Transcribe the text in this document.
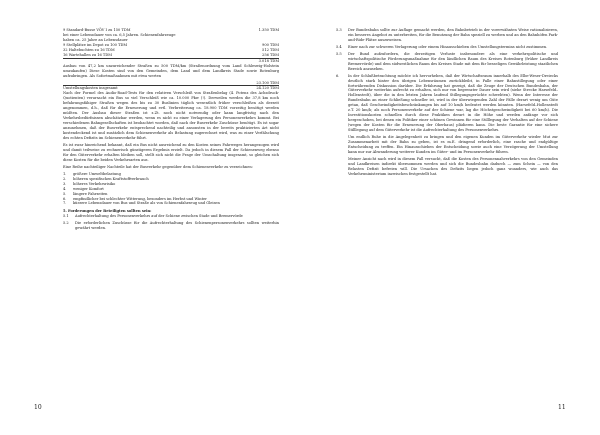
9 Standard-Busse VÖV I zu 150 TDM	1.350 TDM
bei einer Lebensdauer von ca. 6,5 Jahren. Schienenfahrzeuge
haben ca. 25 Jahre an Lebensdauer
9 Stellplätze im Depot zu 100 TDM	900 TDM
32 Haltebuchten zu 16 TDM	512 TDM
16 Wartehallen zu 16 TDM	256 TDM
3.018 TDM

Ausbau von 47,2 km unzureichender Straßen zu 500 TDM/km (Straßenordnung vom Land Schleswig-Holstein umzukaufen) Diese Kosten sind von den Gemeinden, dem Land und dem Landkreis Stade sowie Rotenburg aufzubringen. Als Sofortmaßnahmen mit etwa werten

23.100 TDM
Umstellungskosten insgesamt	24.120 TDM

Nach der Formel des Audio-Road-Tests für den relativen Verschleiß von Straßenbelag (4. Potenz des Achsdruck-Quotienten) verursacht ein Bus so viel Verschleiß wie ca. 10.000 Pkw (!). Derweilen werden die 37,8 km noch befahrungsfähiger Straßen wegen des bis zu 30 Buslinien täglich wesentlich früher verschleißen als derzeit angenommen, d.h., daß für die Erneuerung und evtl. Verbreiterung ca. 18.900 TDM vorzeitig benötigt werden müßten. Der Ausbau dieser Straßen ist z.Zt. noch nicht notwendig oder kann langfristig nach den Verkehrsbedürfnissen abschätzbar werden, wenn es nicht zu einer Verlagerung des Personenverkehrs kommt. Bei verschiedenen Bahngesellschaften ist beobachtet worden, daß nach der Busverkehr Zuschüsse benötigt. Es ist sogar anzunehmen, daß der Busverkehr entsprechend nachteilig und ansonsten in der bereits praktizierten Art nicht kostendeckend ist und zusätzlich dem Schienenverkehr als Belastung zugerechnet wird, was zu einer Verfälschung des echten Defizits im Schienenverkehr führt.

Es ist zwar hinreichend bekannt, daß ein Bus nicht ausreichend zu den Kosten seines Fahrweges herangezogen wird und damit teilweise zu rechnerisch günstigeren Ergebnis erzielt. Da jedoch in diesem Fall der Schienenweg ebenso für den Güterverkehr erhalten bleiben soll, stellt sich nicht die Frage der Umschaltung insgesamt, so gleichen sich diese Kosten für die beiden Verkehrsarten aus.

Eine Reihe nachteiliger Nachteile hat der Busverkehr gegenüber dem Schienenverkehr zu verzeichnen:

1.	größere Umweltbelastung
2.	höheren spezifischen Kraftstoffverbrauch
3.	höheres Verkehrsrisiko
4.	weniger Komfort
5.	längere Fahrzeiten
6.	empfindlicher bei schlechter Witterung, besonders im Herbst und Winter
7.	kürzere Lebensdauer von Bus und Straße als von Schienenfahrzeug und Gleisen
5. Forderungen der Beteiligten sollten sein:
5.1	Aufrechterhaltung des Personenverkehrs auf der Schiene zwischen Stade und Bremervörde
5.2	Die erforderlichen Zuschüsse für die Aufrechterhaltung des Schienenpersonenverkehrs sollten weiterhin gewährt werden.
10
5.3	Der Bundesbahn sollte zur Auflage gemacht werden, den Bahnbetrieb in der vorerwähnten Weise rationalisieren, ein besseres Angebot zu unterbreiten, für die Benutzung der Bahn speziell zu werben und an den Bahnhöfen Park-and-Ride-Plätze auszuweisen.
5.4	Einer nach zur schweren Verlagerung oder einem Hinausschieben des Umstellungstermins nicht zustimmen.
5.5	Der Bund aufzufordern, die derzeitigen Verluste insbesondere als eine verkehrspolitische und wirtschaftspolitische Förderungsmaßnahme für den ländlichen Raum des Kreises Rotenburg (früher Landkreis Bremervörde) und dem südwestlichen Raum des Kreises Stade mit dem für besseligen Gewährleistung staatlichen Bereich anzusehen.
6.	In der Schlußbetrachtung möchte ich hervorheben, daß der Wirtschaftsraum innerhalb des Elbe-Weser-Dreiecks deutlich stark hinter den übrigen Lebensräumen zurückbleibt, in Falle einer Bahnstillegung oder einer fortwährenden Diskussion darüber. Die Erfahrung hat gezeigt, daß die Zeuge der Deutschen Bundesbahn, der Güterverkehr weiterhin aufrecht zu erhalten, sich nur von begrenzter Dauer sein wird (siehe Strecke Harsefeld–Hollenstedt), über die in den letzten Jahren laufend Stillegungsgerüchte schwebten). Wenn der Interesse der Bundesbahn an einer Schließung schneller ist, wird in der überwiegenden Zahl der Fälle derart wenig um Güte getan, daß Geschwindigkeitsbeschränkungen bis auf 10 km/h bedeutet werden könnten. (Harsefeld–Hollenstedt z.T. 20 km/h; als noch Personenverkehr auf der Schiene war, lag die Höchstgeschwindigkeit bei 60 km/h). Die Investitionskosten schnellen durch diese Praktiken derart in die Höhe und werden anfänge vor sich hergeschoben, bei denen ein Politiker einer schönen Gewinnen für eine Stilllegung der Verhalten auf der Schiene (wegen der Kosten für die Erneuerung der Oberbaus) plädieren kann. Die beste Garantie für eine sichere Stilllegung auf dem Güterverkehr ist die Aufrechterhaltung des Personenverkehrs.
Um endlich Ruhe in die Angelegenheit zu bringen und den eigenen Kunden im Güterverkehr wieder Mut zur Zusammenarbeit mit der Bahn zu geben, ist es m.E. dringend erforderlich, eine rasche und endgültige Entscheidung zu treffen. Ein Hinausschieben der Entscheidung sowie auch eine Verzögerung der Umstellung kann nur zur Abwanderung weiterer Kunden im Güter- und im Personenverkehr führen.
Meiner Ansicht nach wird in diesem Fall versucht, daß die Kosten des Personennahverkehrs von den Gemeinden und Landkreisen indirekt übernommen werden und sich die Bundesbahn dadurch — zum Schein — von den Belasten Defizit befreien will. Die Ursachen des Defizits liegen jedoch ganz woanders, wie auch das Verkehrsministerium inzwischen festgestellt hat.
11
